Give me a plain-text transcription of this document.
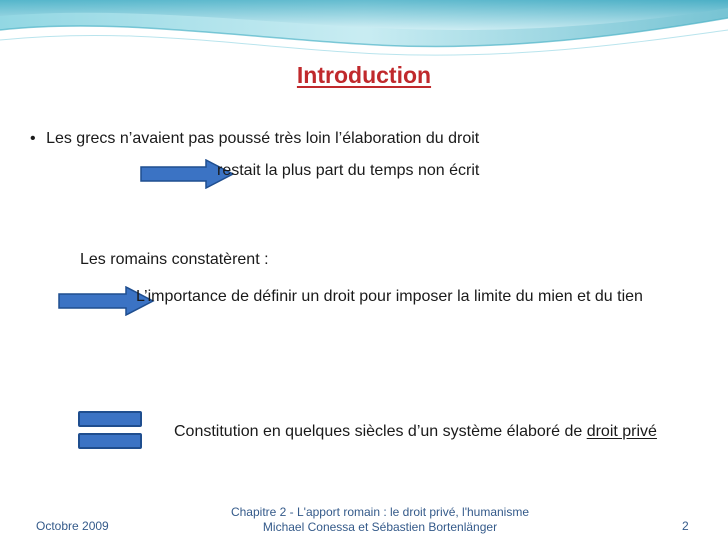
Introduction
• Les grecs n’avaient pas poussé très loin l’élaboration du droit
restait la plus part du temps non écrit
Les romains constatèrent :
L’importance de définir un droit pour imposer la limite du mien et du tien
Constitution en quelques siècles d’un système élaboré de droit privé
Octobre 2009
Chapitre 2 - L'apport romain : le droit privé, l'humanisme
Michael Conessa et Sébastien Bortenlänger	2
